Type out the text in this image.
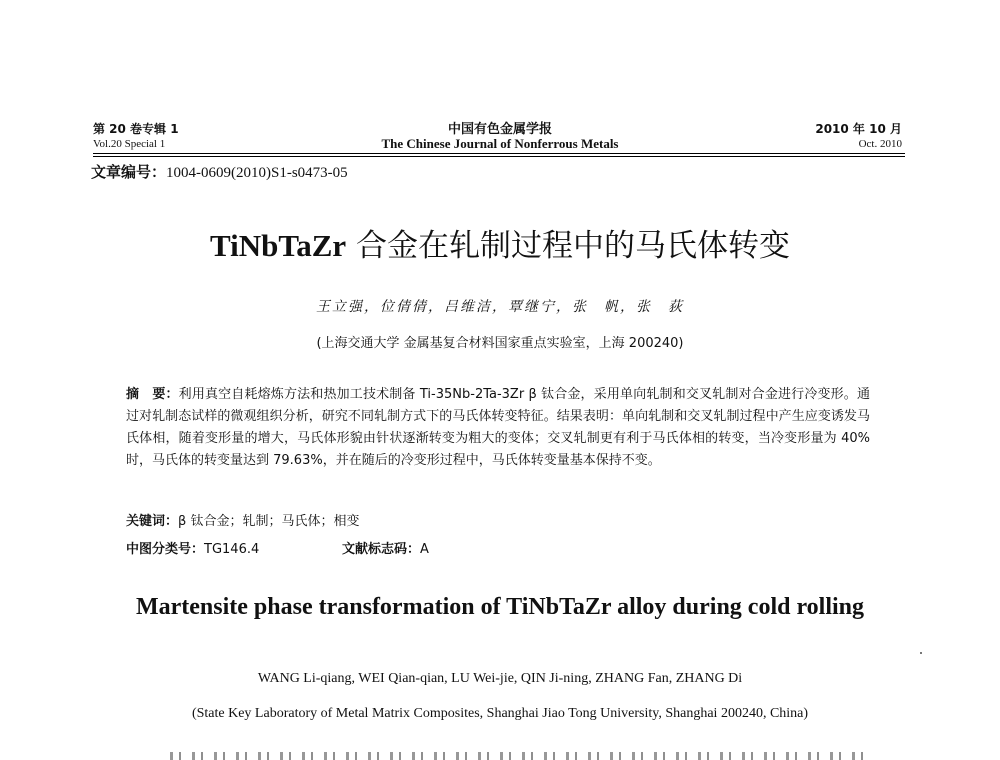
第 20 卷专辑 1	中国有色金属学报	2010 年 10 月
Vol.20 Special 1	The Chinese Journal of Nonferrous Metals	Oct. 2010
文章编号：1004-0609(2010)S1-s0473-05
TiNbTaZr 合金在轧制过程中的马氏体转变
王立强，位倩倩，吕维洁，覃继宁，张　帆，张　荻
(上海交通大学 金属基复合材料国家重点实验室，上海 200240)
摘　要：利用真空自耗熔炼方法和热加工技术制备 Ti-35Nb-2Ta-3Zr β 钛合金，采用单向轧制和交叉轧制对合金进行冷变形。通过对轧制态试样的微观组织分析，研究不同轧制方式下的马氏体转变特征。结果表明：单向轧制和交叉轧制过程中产生应变诱发马氏体相，随着变形量的增大，马氏体形貌由针状逐渐转变为粗大的变体；交叉轧制更有利于马氏体相的转变，当冷变形量为 40%时，马氏体的转变量达到 79.63%，并在随后的冷变形过程中，马氏体转变量基本保持不变。
关键词：β 钛合金；轧制；马氏体；相变
中图分类号：TG146.4	文献标志码：A
Martensite phase transformation of TiNbTaZr alloy during cold rolling
WANG Li-qiang, WEI Qian-qian, LU Wei-jie, QIN Ji-ning, ZHANG Fan, ZHANG Di
(State Key Laboratory of Metal Matrix Composites, Shanghai Jiao Tong University, Shanghai 200240, China)
